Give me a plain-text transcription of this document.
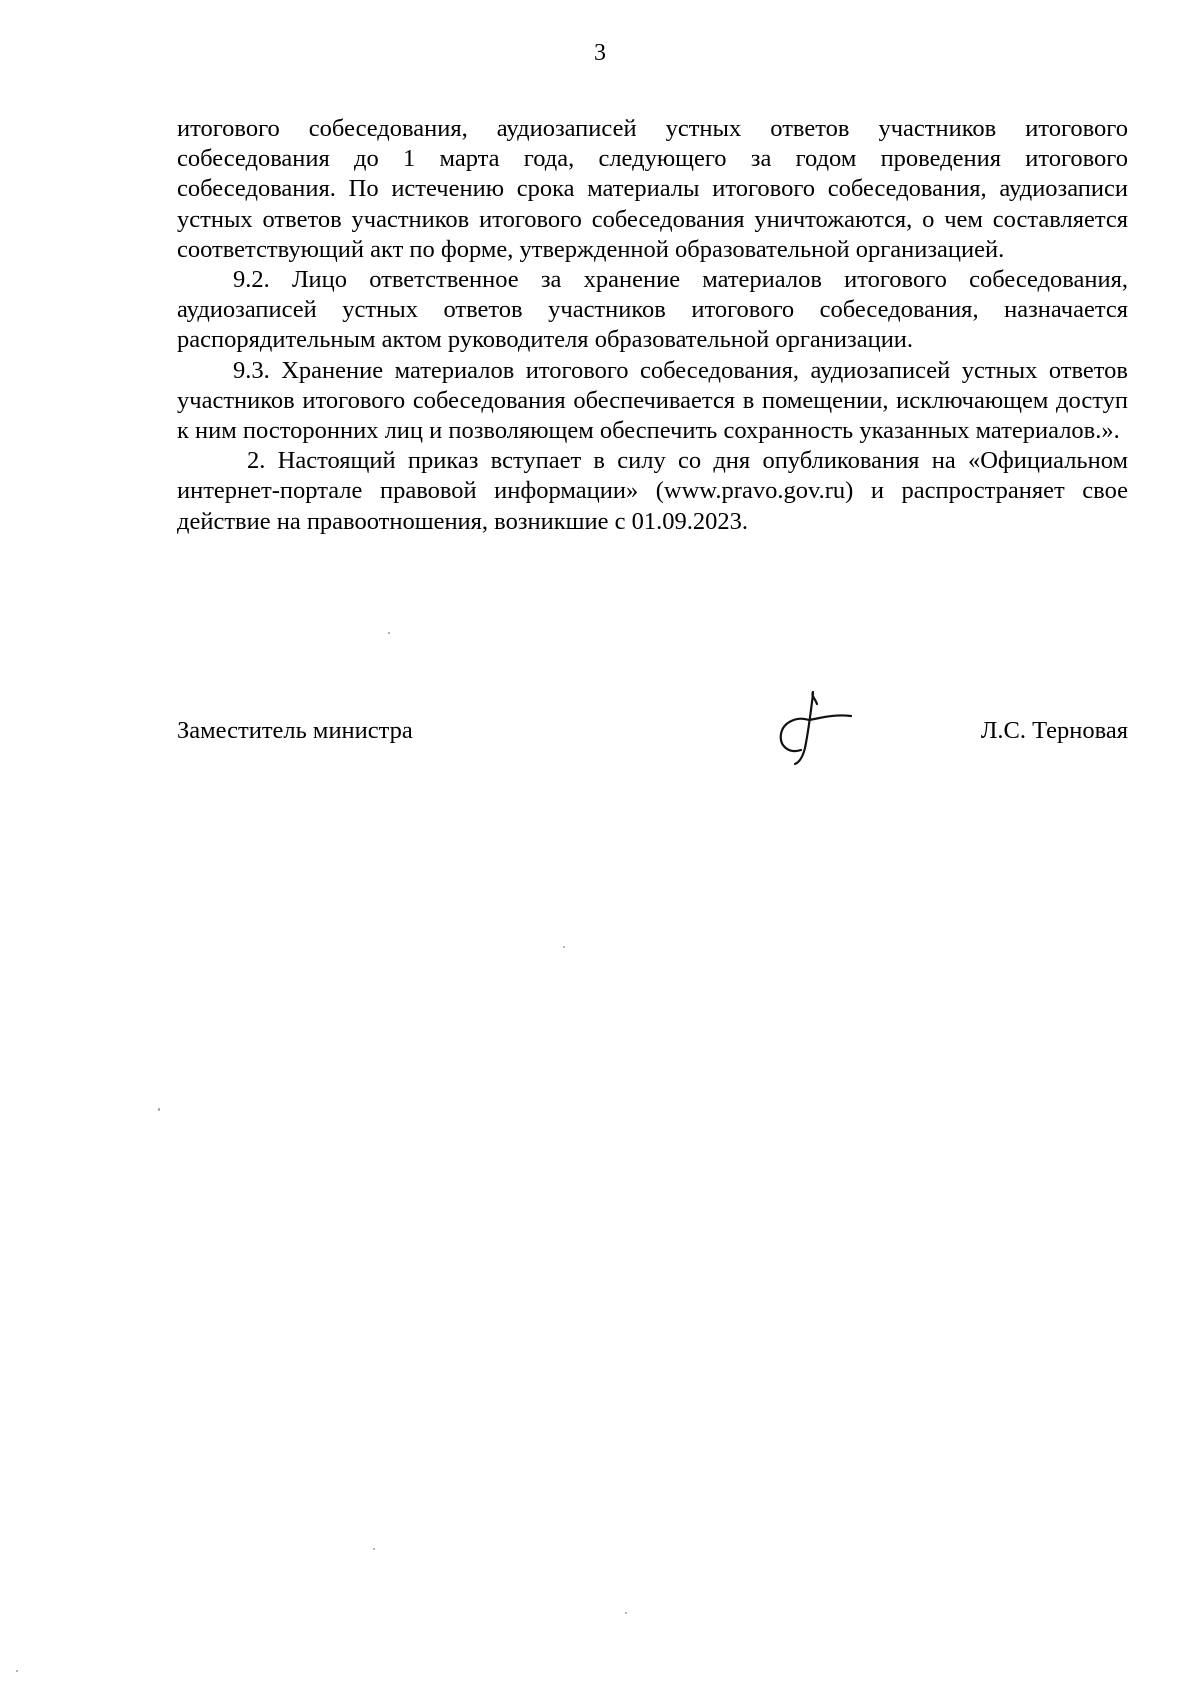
3

итогового собеседования, аудиозаписей устных ответов участников итогового собеседования до 1 марта года, следующего за годом проведения итогового собеседования. По истечению срока материалы итогового собеседования, аудиозаписи устных ответов участников итогового собеседования уничтожаются, о чем составляется соответствующий акт по форме, утвержденной образовательной организацией.

9.2. Лицо ответственное за хранение материалов итогового собеседования, аудиозаписей устных ответов участников итогового собеседования, назначается распорядительным актом руководителя образовательной организации.

9.3. Хранение материалов итогового собеседования, аудиозаписей устных ответов участников итогового собеседования обеспечивается в помещении, исключающем доступ к ним посторонних лиц и позволяющем обеспечить сохранность указанных материалов.».

2. Настоящий приказ вступает в силу со дня опубликования на «Официальном интернет-портале правовой информации» (www.pravo.gov.ru) и распространяет свое действие на правоотношения, возникшие с 01.09.2023.

Заместитель министра	Л.С. Терновая
